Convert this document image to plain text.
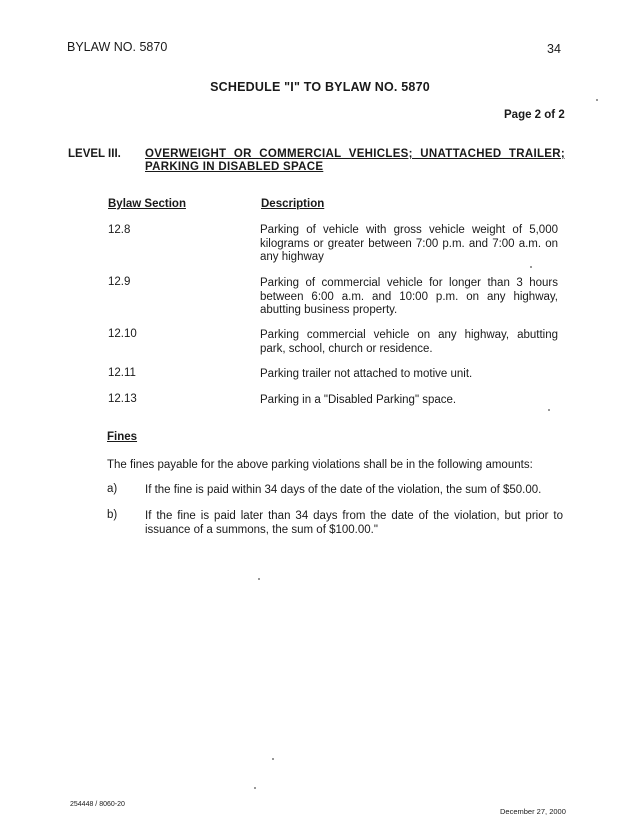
BYLAW NO. 5870	34
SCHEDULE "I" TO BYLAW NO. 5870
Page 2 of 2
LEVEL III. OVERWEIGHT OR COMMERCIAL VEHICLES; UNATTACHED TRAILER; PARKING IN DISABLED SPACE
Bylaw Section	Description
12.8	Parking of vehicle with gross vehicle weight of 5,000 kilograms or greater between 7:00 p.m. and 7:00 a.m. on any highway
12.9	Parking of commercial vehicle for longer than 3 hours between 6:00 a.m. and 10:00 p.m. on any highway, abutting business property.
12.10	Parking commercial vehicle on any highway, abutting park, school, church or residence.
12.11	Parking trailer not attached to motive unit.
12.13	Parking in a "Disabled Parking" space.
Fines
The fines payable for the above parking violations shall be in the following amounts:
a) If the fine is paid within 34 days of the date of the violation, the sum of $50.00.
b) If the fine is paid later than 34 days from the date of the violation, but prior to issuance of a summons, the sum of $100.00."
254448 / 8060-20
December 27, 2000
